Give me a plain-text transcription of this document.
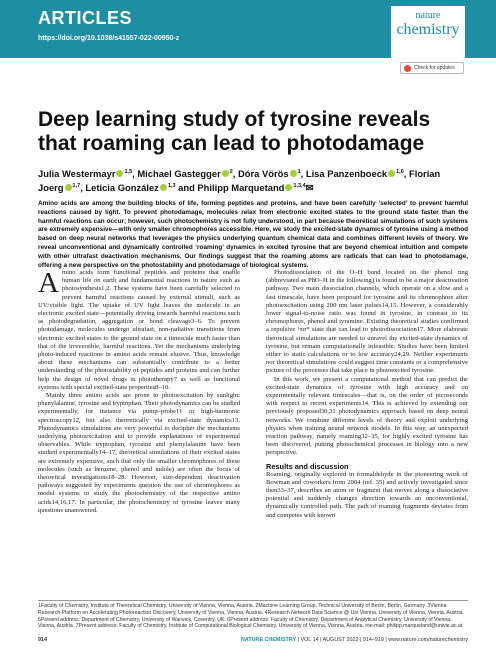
ARTICLES
https://doi.org/10.1038/s41557-022-00950-z
nature
chemistry
Check for updates
Deep learning study of tyrosine reveals that roaming can lead to photodamage
Julia Westermayr $^{1,5}$, Michael Gastegger $^2$, Dóra Vörös $^1$, Lisa Panzenboeck $^{1,6}$, Florian Joerg $^{1,7}$, Leticia González $^{1,3}$ and Philipp Marquetand $^{1,3,4}$✉

Amino acids are among the building blocks of life, forming peptides and proteins, and have been carefully ‘selected’ to prevent harmful reactions caused by light. To prevent photodamage, molecules relax from electronic excited states to the ground state faster than the harmful reactions can occur; however, such photochemistry is not fully understood, in part because theoretical simulations of such systems are extremely expensive—with only smaller chromophores accessible. Here, we study the excited-state dynamics of tyrosine using a method based on deep neural networks that leverages the physics underlying quantum chemical data and combines different levels of theory. We reveal unconventional and dynamically controlled ‘roaming’ dynamics in excited tyrosine that are beyond chemical intuition and compete with other ultrafast deactivation mechanisms. Our findings suggest that the roaming atoms are radicals that can lead to photodamage, offering a new perspective on the photostability and photodamage of biological systems.

Amino acids form functional peptides and proteins that enable human life on earth and fundamental reactions in nature such as photosynthesis1,2. These systems have been carefully selected to prevent harmful reactions caused by external stimuli, such as UV/visible light. The uptake of UV light leaves the molecule in an electronic excited state—potentially driving towards harmful reactions such as photodegradation, aggregation or bond cleavage3–6. To prevent photodamage, molecules undergo ultrafast, non-radiative transitions from electronic excited states to the ground state on a timescale much faster than that of the irreversible, harmful reactions. Yet the mechanisms underlying photo-induced reactions in amino acids remain elusive. Thus, knowledge about these mechanisms can substantially contribute to a better understanding of the photostability of peptides and proteins and can further help the design of novel drugs in phototherapy7 as well as functional systems with special excited-state properties8–10.

Mainly three amino acids are prone to photoexcitation by sunlight: phenylalanine, tyrosine and tryptophan. Their photodynamics can be studied experimentally, for instance via pump–probe11 or high-harmonic spectroscopy12, but also theoretically via excited-state dynamics13. Photodynamics simulations are very powerful to decipher the mechanisms underlying photoexcitation and to provide explanations of experimental observables. While tryptophan, tyrosine and phenylalanine have been studied experimentally14–17, theoretical simulations of their excited states are extremely expensive, such that only the smaller chromophores of these molecules (such as benzene, phenol and indole) are often the focus of theoretical investigations18–28. However, size-dependent deactivation pathways suggested by experiments question the use of chromophores as model systems to study the photochemistry of the respective amino acids14,16,17. In particular, the photochemistry of tyrosine leaves many questions unanswered.

Photodissociation of the O–H bond located on the phenol ring (abbreviated as PhO–H in the following) is found to be a major deactivation pathway. Two main dissociation channels, which operate on a slow and a fast timescale, have been proposed for tyrosine and its chromophore after photoexcitation using 200 nm laser pulses14,15. However, a considerably lower signal-to-noise ratio was found in tyrosine, in contrast to its chromophores, phenol and tyramine. Existing theoretical studies confirmed a repulsive ¹πσ* state that can lead to photodissociation17. More elaborate theoretical simulations are needed to unravel the excited-state dynamics of tyrosine, but remain computationally infeasible. Studies have been limited either to static calculations or to low accuracy24,29. Neither experiments nor theoretical simulations could suggest time constants or a comprehensive picture of the processes that take place in photoexcited tyrosine.

In this work, we present a computational method that can predict the excited-state dynamics of tyrosine with high accuracy and on experimentally relevant timescales—that is, on the order of picoseconds with respect to recent experiments14. This is achieved by extending our previously proposed30,31 photodynamics approach based on deep neural networks. We combine different levels of theory and exploit underlying physics when training neural network models. In this way, an unexpected reaction pathway, namely roaming32–35, for highly excited tyrosine has been discovered, putting photochemical processes in biology into a new perspective.

Results and discussion

Roaming, originally explored in formaldehyde in the pioneering work of Bowman and coworkers from 2004 (ref. 35) and actively investigated since then33–37, describes an atom or fragment that moves along a dissociative potential and suddenly changes direction towards an unconventional, dynamically controlled path. The path of roaming fragments deviates from and competes with known

1Faculty of Chemistry, Institute of Theoretical Chemistry, University of Vienna, Vienna, Austria. 2Machine Learning Group, Technical University of Berlin, Berlin, Germany. 3Vienna Research Platform on Accelerating Photoreaction Discovery, University of Vienna, Vienna, Austria. 4Research Network Data Science @ Uni Vienna, University of Vienna, Vienna, Austria. 5Present address: Department of Chemistry, University of Warwick, Coventry, UK. 6Present address: Faculty of Chemistry, Department of Analytical Chemistry, University of Vienna, Vienna, Austria. 7Present address: Faculty of Chemistry, Institute of Computational Biological Chemistry, University of Vienna, Vienna, Austria. ✉e-mail: philipp.marquetand@univie.ac.at

914	NATURE CHEMISTRY | VOL 14 | AUGUST 2022 | 914–919 | www.nature.com/naturechemistry
